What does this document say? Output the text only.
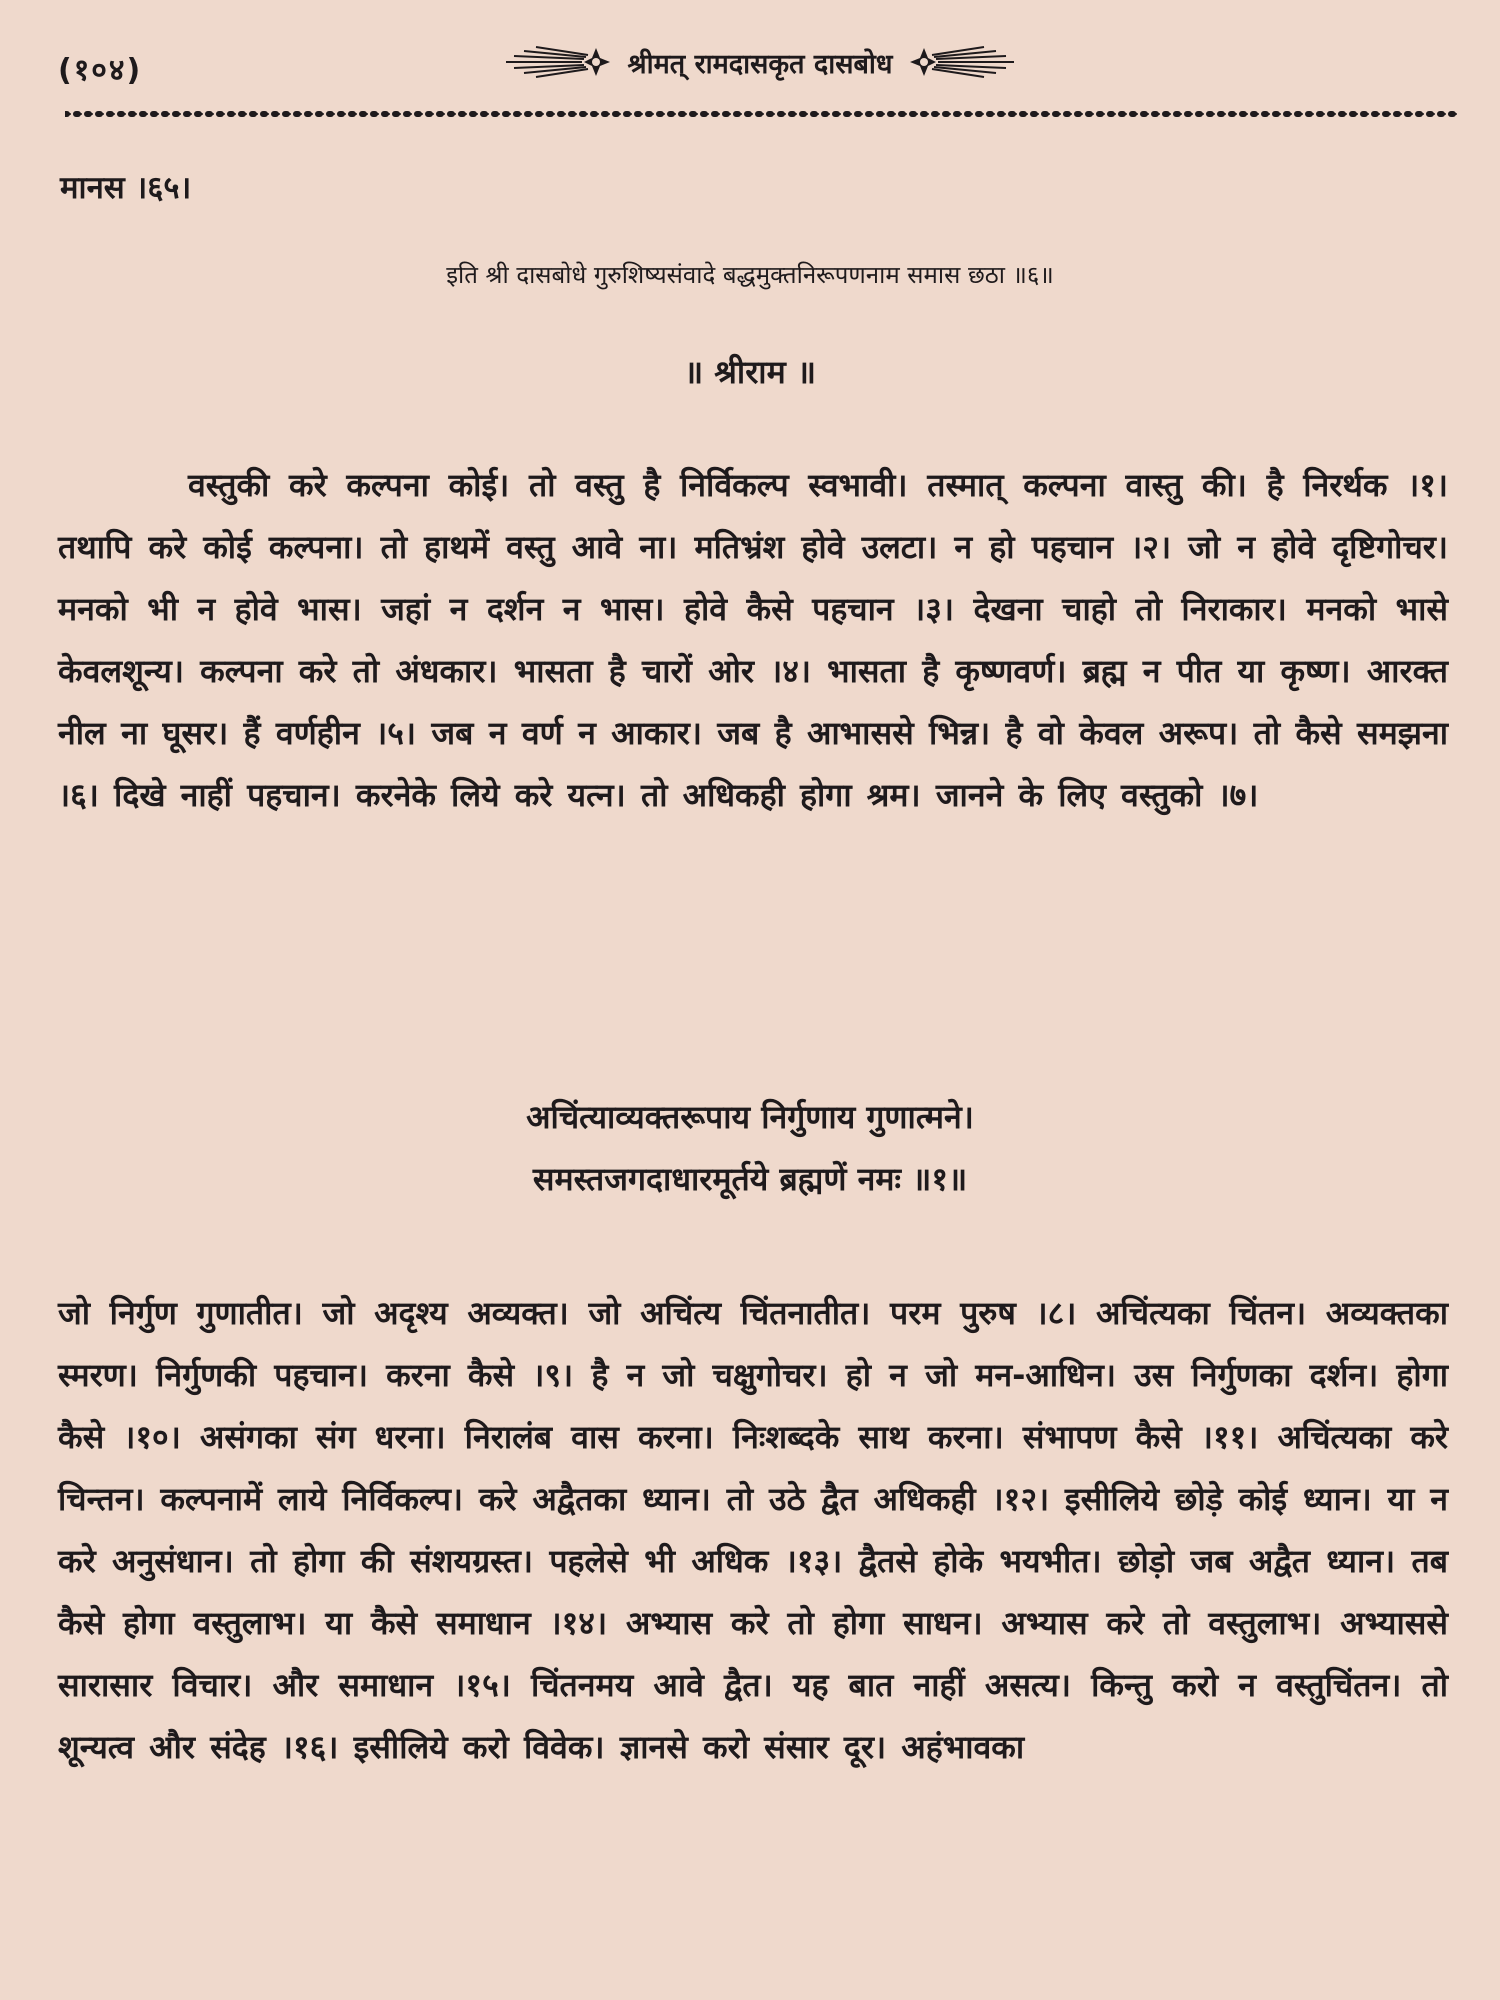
(१०४)	श्रीमत् रामदासकृत दासबोध
मानस ।६५।
इति श्री दासबोधे गुरुशिष्यसंवादे बद्धमुक्तनिरूपणनाम समास छठा ॥६॥
॥ श्रीराम ॥

वस्तुकी करे कल्पना कोई। तो वस्तु है निर्विकल्प स्वभावी। तस्मात् कल्पना वास्तु की। है निरर्थक ।१। तथापि करे कोई कल्पना। तो हाथमें वस्तु आवे ना। मतिभ्रंश होवे उलटा। न हो पहचान ।२। जो न होवे दृष्टिगोचर। मनको भी न होवे भास। जहां न दर्शन न भास। होवे कैसे पहचान ।३। देखना चाहो तो निराकार। मनको भासे केवलशून्य। कल्पना करे तो अंधकार। भासता है चारों ओर ।४। भासता है कृष्णवर्ण। ब्रह्म न पीत या कृष्ण। आरक्त नील ना घूसर। हैं वर्णहीन ।५। जब न वर्ण न आकार। जब है आभाससे भिन्न। है वो केवल अरूप। तो कैसे समझना ।६। दिखे नाहीं पहचान। करनेके लिये करे यत्न। तो अधिकही होगा श्रम। जानने के लिए वस्तुको ।७।

अचिंत्याव्यक्तरूपाय निर्गुणाय गुणात्मने।
समस्तजगदाधारमूर्तये ब्रह्मणें नमः ॥१॥

जो निर्गुण गुणातीत। जो अदृश्य अव्यक्त। जो अचिंत्य चिंतनातीत। परम पुरुष ।८। अचिंत्यका चिंतन। अव्यक्तका स्मरण। निर्गुणकी पहचान। करना कैसे ।९। है न जो चक्षुगोचर। हो न जो मन-आधिन। उस निर्गुणका दर्शन। होगा कैसे ।१०। असंगका संग धरना। निरालंब वास करना। निःशब्दके साथ करना। संभापण कैसे ।११। अचिंत्यका करे चिन्तन। कल्पनामें लाये निर्विकल्प। करे अद्वैतका ध्यान। तो उठे द्वैत अधिकही ।१२। इसीलिये छोड़े कोई ध्यान। या न करे अनुसंधान। तो होगा की संशयग्रस्त। पहलेसे भी अधिक ।१३। द्वैतसे होके भयभीत। छोड़ो जब अद्वैत ध्यान। तब कैसे होगा वस्तुलाभ। या कैसे समाधान ।१४। अभ्यास करे तो होगा साधन। अभ्यास करे तो वस्तुलाभ। अभ्याससे सारासार विचार। और समाधान ।१५। चिंतनमय आवे द्वैत। यह बात नाहीं असत्य। किन्तु करो न वस्तुचिंतन। तो शून्यत्व और संदेह ।१६। इसीलिये करो विवेक। ज्ञानसे करो संसार दूर। अहंभावका
